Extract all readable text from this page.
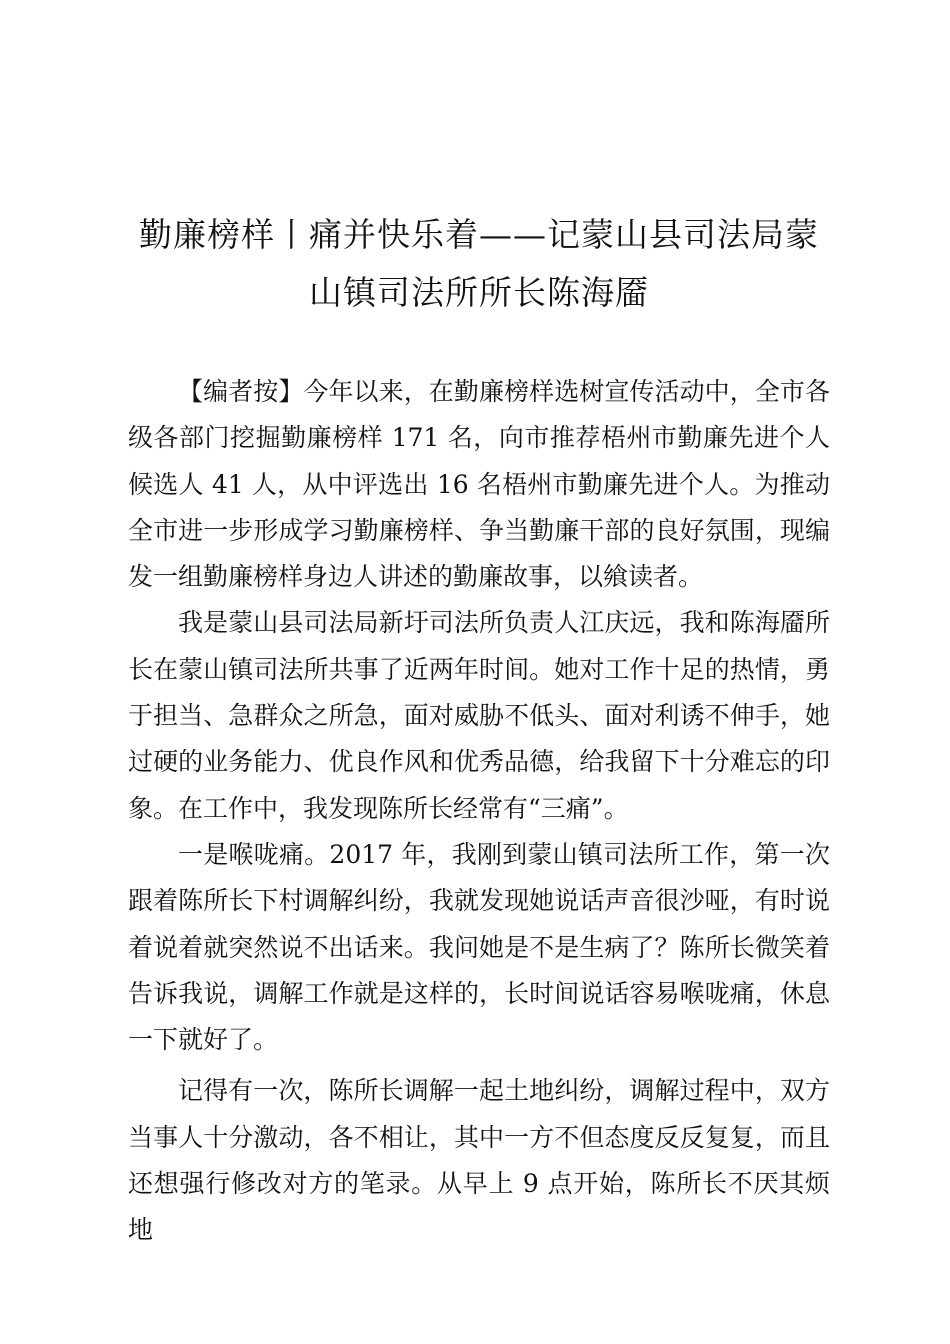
勤廉榜样丨痛并快乐着——记蒙山县司法局蒙
山镇司法所所长陈海靥

【编者按】今年以来，在勤廉榜样选树宣传活动中，全市各级各部门挖掘勤廉榜样 171 名，向市推荐梧州市勤廉先进个人候选人 41 人，从中评选出 16 名梧州市勤廉先进个人。为推动全市进一步形成学习勤廉榜样、争当勤廉干部的良好氛围，现编发一组勤廉榜样身边人讲述的勤廉故事，以飨读者。

我是蒙山县司法局新圩司法所负责人江庆远，我和陈海靥所长在蒙山镇司法所共事了近两年时间。她对工作十足的热情，勇于担当、急群众之所急，面对威胁不低头、面对利诱不伸手，她过硬的业务能力、优良作风和优秀品德，给我留下十分难忘的印象。在工作中，我发现陈所长经常有“三痛”。

一是喉咙痛。2017 年，我刚到蒙山镇司法所工作，第一次跟着陈所长下村调解纠纷，我就发现她说话声音很沙哑，有时说着说着就突然说不出话来。我问她是不是生病了？陈所长微笑着告诉我说，调解工作就是这样的，长时间说话容易喉咙痛，休息一下就好了。

记得有一次，陈所长调解一起土地纠纷，调解过程中，双方当事人十分激动，各不相让，其中一方不但态度反反复复，而且还想强行修改对方的笔录。从早上 9 点开始，陈所长不厌其烦地
